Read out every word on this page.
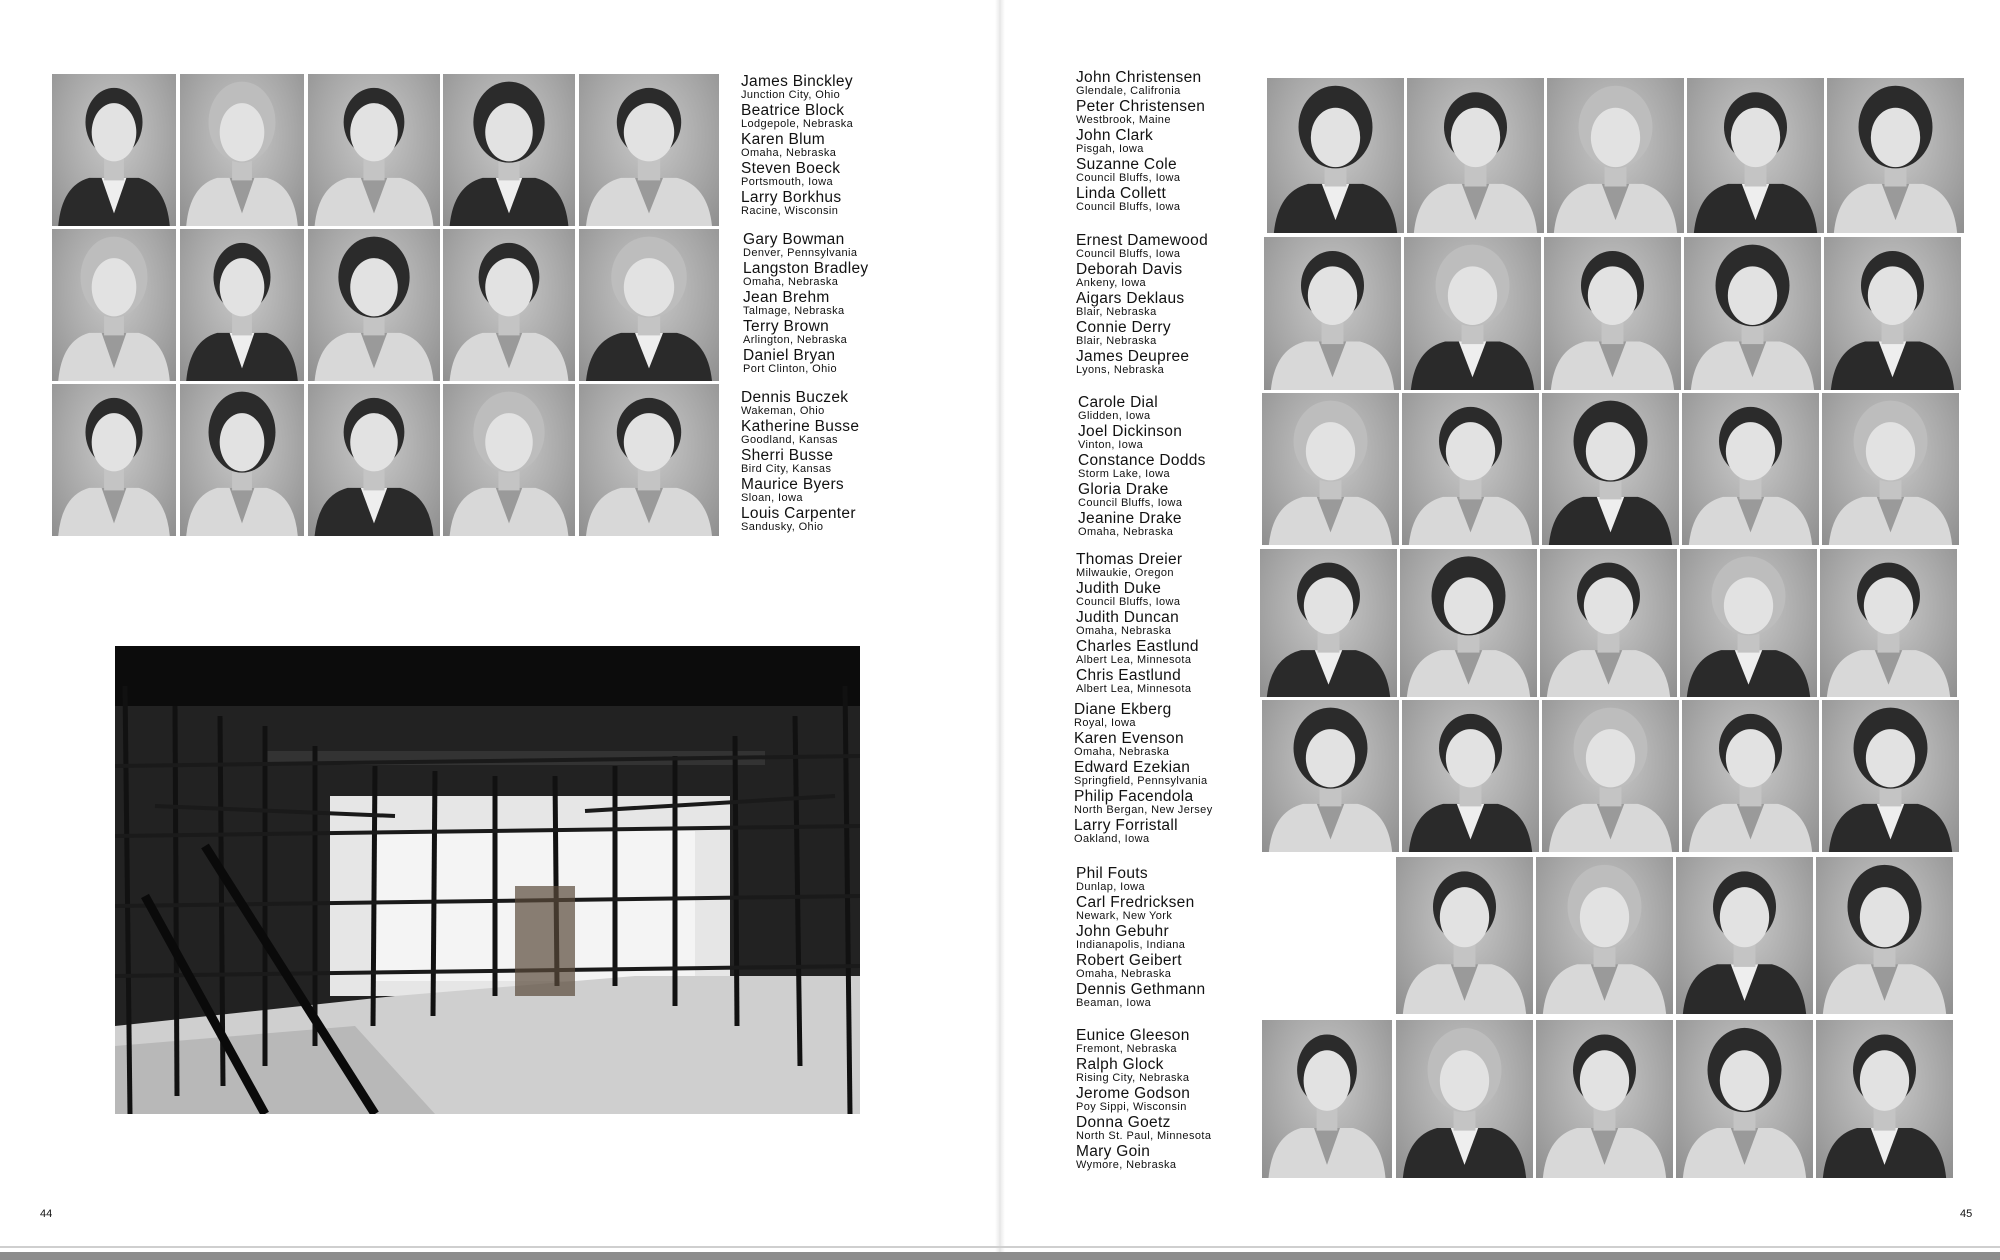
James Binckley
Junction City, Ohio
Beatrice Block
Lodgepole, Nebraska
Karen Blum
Omaha, Nebraska
Steven Boeck
Portsmouth, Iowa
Larry Borkhus
Racine, Wisconsin
Gary Bowman
Denver, Pennsylvania
Langston Bradley
Omaha, Nebraska
Jean Brehm
Talmage, Nebraska
Terry Brown
Arlington, Nebraska
Daniel Bryan
Port Clinton, Ohio
Dennis Buczek
Wakeman, Ohio
Katherine Busse
Goodland, Kansas
Sherri Busse
Bird City, Kansas
Maurice Byers
Sloan, Iowa
Louis Carpenter
Sandusky, Ohio
44
John Christensen
Glendale, Califronia
Peter Christensen
Westbrook, Maine
John Clark
Pisgah, Iowa
Suzanne Cole
Council Bluffs, Iowa
Linda Collett
Council Bluffs, Iowa
Ernest Damewood
Council Bluffs, Iowa
Deborah Davis
Ankeny, Iowa
Aigars Deklaus
Blair, Nebraska
Connie Derry
Blair, Nebraska
James Deupree
Lyons, Nebraska
Carole Dial
Glidden, Iowa
Joel Dickinson
Vinton, Iowa
Constance Dodds
Storm Lake, Iowa
Gloria Drake
Council Bluffs, Iowa
Jeanine Drake
Omaha, Nebraska
Thomas Dreier
Milwaukie, Oregon
Judith Duke
Council Bluffs, Iowa
Judith Duncan
Omaha, Nebraska
Charles Eastlund
Albert Lea, Minnesota
Chris Eastlund
Albert Lea, Minnesota
Diane Ekberg
Royal, Iowa
Karen Evenson
Omaha, Nebraska
Edward Ezekian
Springfield, Pennsylvania
Philip Facendola
North Bergan, New Jersey
Larry Forristall
Oakland, Iowa
Phil Fouts
Dunlap, Iowa
Carl Fredricksen
Newark, New York
John Gebuhr
Indianapolis, Indiana
Robert Geibert
Omaha, Nebraska
Dennis Gethmann
Beaman, Iowa
Eunice Gleeson
Fremont, Nebraska
Ralph Glock
Rising City, Nebraska
Jerome Godson
Poy Sippi, Wisconsin
Donna Goetz
North St. Paul, Minnesota
Mary Goin
Wymore, Nebraska
45
